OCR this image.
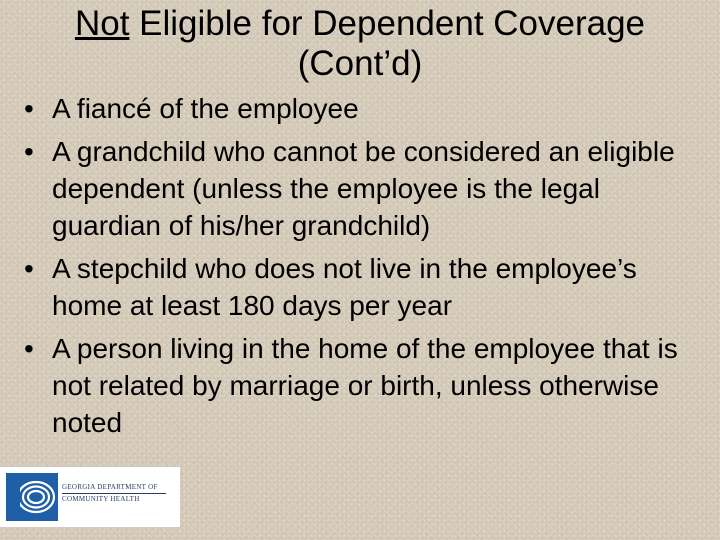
Not Eligible for Dependent Coverage
(Cont’d)
• A fiancé of the employee
• A grandchild who cannot be considered an eligible dependent (unless the employee is the legal guardian of his/her grandchild)
• A stepchild who does not live in the employee’s home at least 180 days per year
• A person living in the home of the employee that is not related by marriage or birth, unless otherwise noted
GEORGIA DEPARTMENT OF
COMMUNITY HEALTH
